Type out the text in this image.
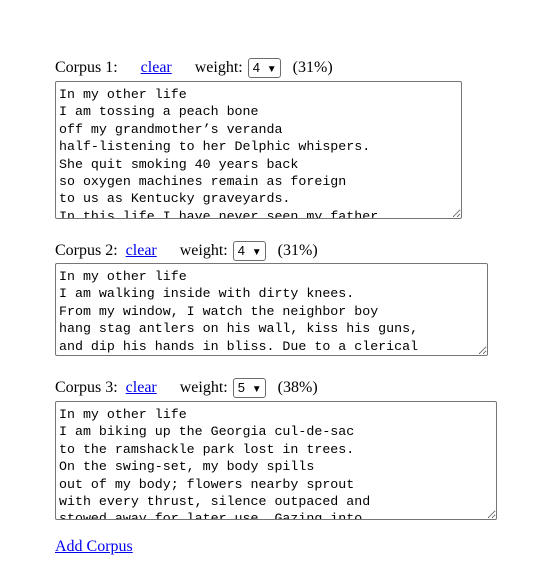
Corpus 1: clear weight: 4 ▼ (31%)
In my other life I am tossing a peach bone off my grandmother’s veranda half-listening to her Delphic whispers. She quit smoking 40 years back so oxygen machines remain as foreign to us as Kentucky graveyards. In this life I have never seen my father
Corpus 2: clear weight: 4 ▼ (31%)
In my other life I am walking inside with dirty knees. From my window, I watch the neighbor boy hang stag antlers on his wall, kiss his guns, and dip his hands in bliss. Due to a clerical
Corpus 3: clear weight: 5 ▼ (38%)
In my other life I am biking up the Georgia cul-de-sac to the ramshackle park lost in trees. On the swing-set, my body spills out of my body; flowers nearby sprout with every thrust, silence outpaced and stowed away for later use. Gazing into
Add Corpus
